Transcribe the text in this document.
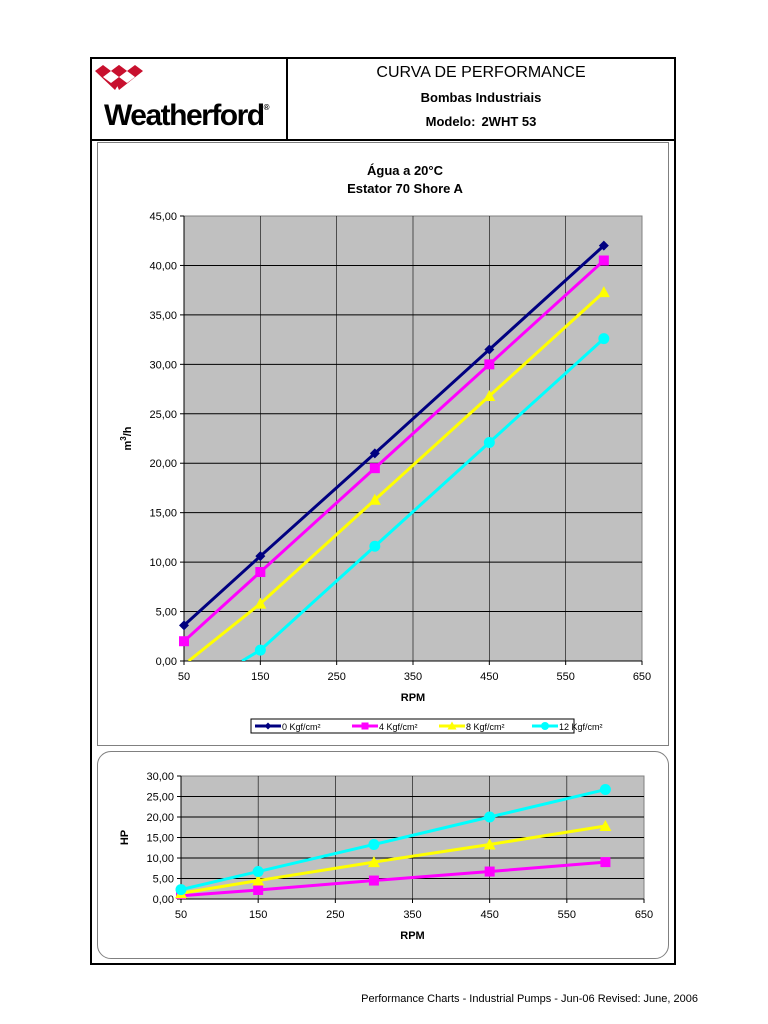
Weatherford®
CURVA DE PERFORMANCE
Bombas Industriais
Modelo: 2WHT 53
Água a 20°C
Estator 70 Shore A
0,00
5,00
10,00
15,00
20,00
25,00
30,00
35,00
40,00
45,00
50	150	250	350	450	550	650
RPM
$m^3/h$
0 Kgf/cm²	4 Kgf/cm²	8 Kgf/cm²	12 Kgf/cm²
0,00
5,00
10,00
15,00
20,00
25,00
30,00
50	150	250	350	450	550	650
RPM
HP
Performance Charts - Industrial Pumps - Jun-06 Revised: June, 2006
